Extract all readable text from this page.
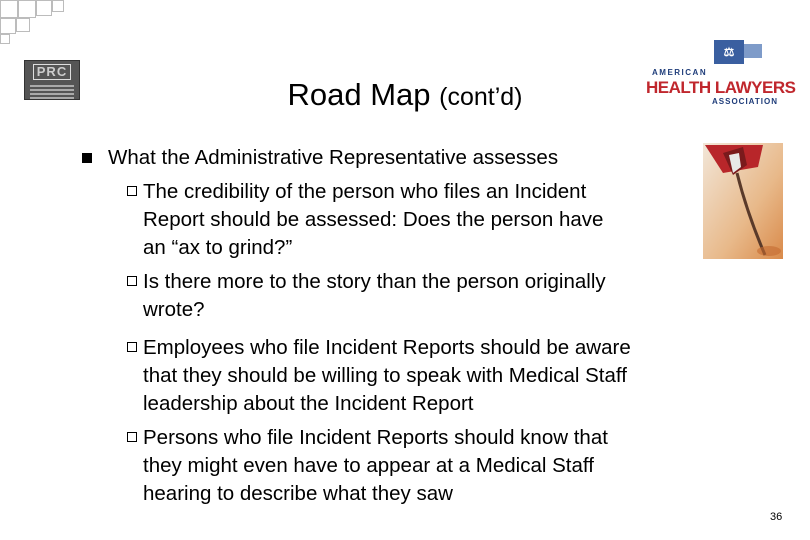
PRC
Road Map (cont’d)
⚖
AMERICAN
HEALTH LAWYERS
ASSOCIATION
What the Administrative Representative assesses
The credibility of the person who files an Incident
Report should be assessed: Does the person have
an “ax to grind?”
Is there more to the story than the person originally
wrote?
Employees who file Incident Reports should be aware
that they should be willing to speak with Medical Staff
leadership about the Incident Report
Persons who file Incident Reports should know that
they might even have to appear at a Medical Staff
hearing to describe what they saw
36
